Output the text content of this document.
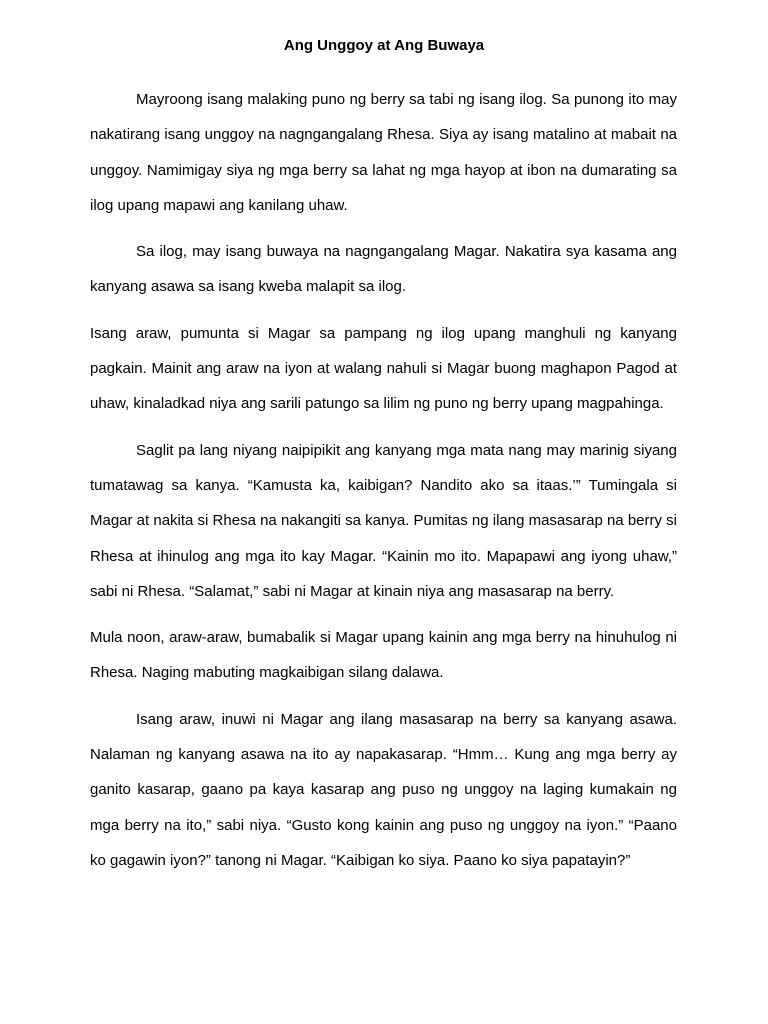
Ang Unggoy at Ang Buwaya

Mayroong isang malaking puno ng berry sa tabi ng isang ilog. Sa punong ito may nakatirang isang unggoy na nagngangalang Rhesa. Siya ay isang matalino at mabait na unggoy. Namimigay siya ng mga berry sa lahat ng mga hayop at ibon na dumarating sa ilog upang mapawi ang kanilang uhaw.

Sa ilog, may isang buwaya na nagngangalang Magar. Nakatira sya kasama ang kanyang asawa sa isang kweba malapit sa ilog.

Isang araw, pumunta si Magar sa pampang ng ilog upang manghuli ng kanyang pagkain. Mainit ang araw na iyon at walang nahuli si Magar buong maghapon Pagod at uhaw, kinaladkad niya ang sarili patungo sa lilim ng puno ng berry upang magpahinga.

Saglit pa lang niyang naipipikit ang kanyang mga mata nang may marinig siyang tumatawag sa kanya. “Kamusta ka, kaibigan? Nandito ako sa itaas.’” Tumingala si Magar at nakita si Rhesa na nakangiti sa kanya. Pumitas ng ilang masasarap na berry si Rhesa at ihinulog ang mga ito kay Magar. “Kainin mo ito. Mapapawi ang iyong uhaw,” sabi ni Rhesa. “Salamat,” sabi ni Magar at kinain niya ang masasarap na berry.

Mula noon, araw-araw, bumabalik si Magar upang kainin ang mga berry na hinuhulog ni Rhesa. Naging mabuting magkaibigan silang dalawa.

Isang araw, inuwi ni Magar ang ilang masasarap na berry sa kanyang asawa. Nalaman ng kanyang asawa na ito ay napakasarap. “Hmm… Kung ang mga berry ay ganito kasarap, gaano pa kaya kasarap ang puso ng unggoy na laging kumakain ng mga berry na ito,” sabi niya. “Gusto kong kainin ang puso ng unggoy na iyon.” “Paano ko gagawin iyon?” tanong ni Magar. “Kaibigan ko siya. Paano ko siya papatayin?”
